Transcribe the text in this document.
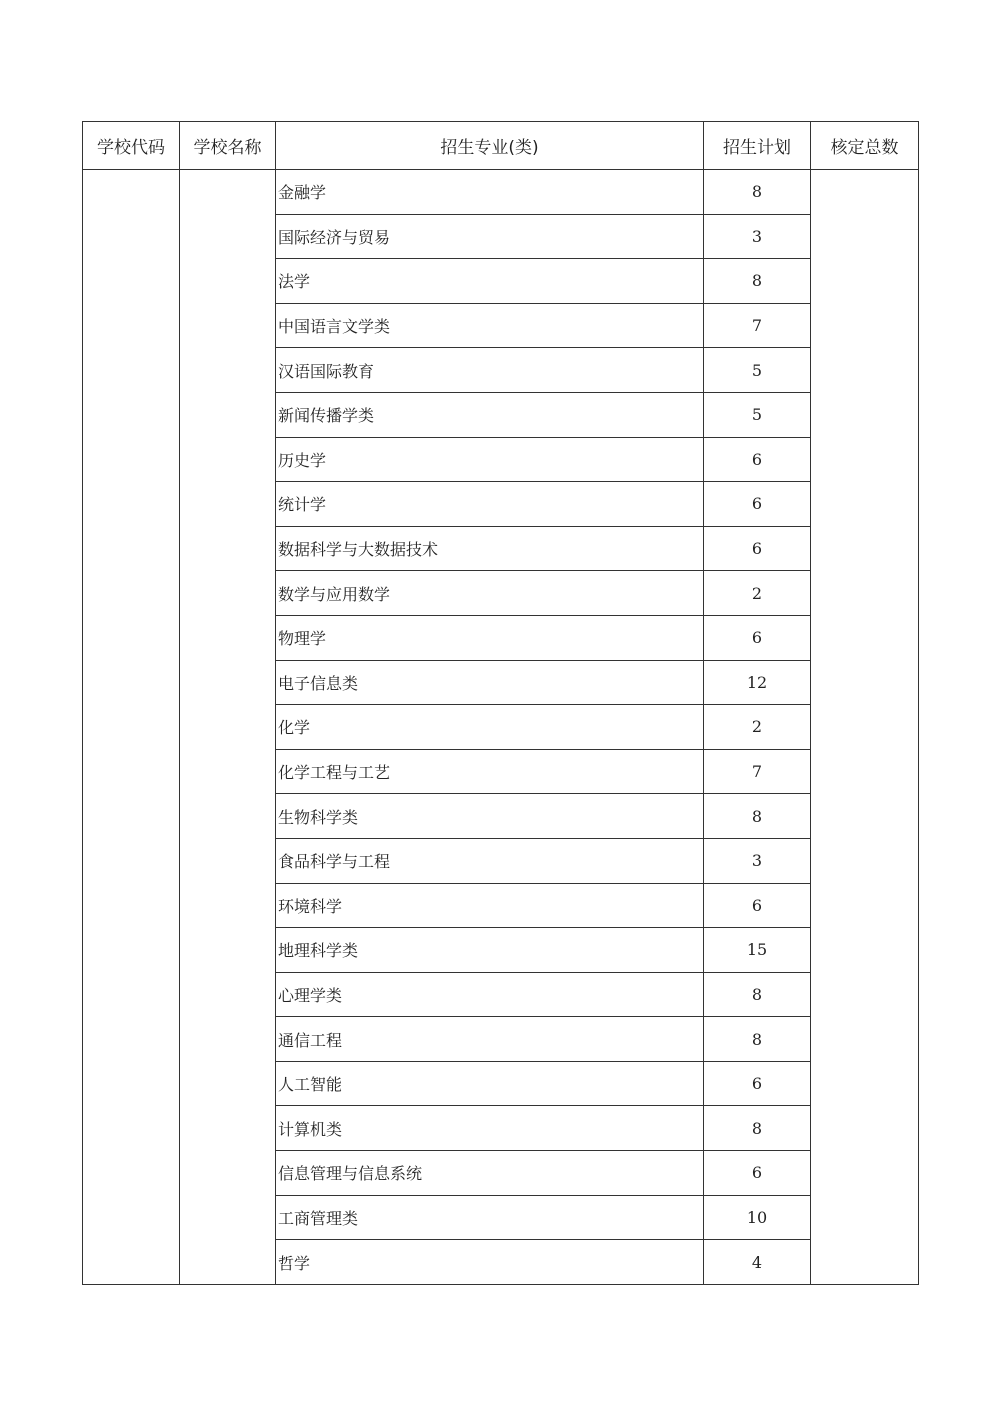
学校代码	学校名称	招生专业(类)	招生计划	核定总数
		金融学	8	
		国际经济与贸易	3	
		法学	8	
		中国语言文学类	7	
		汉语国际教育	5	
		新闻传播学类	5	
		历史学	6	
		统计学	6	
		数据科学与大数据技术	6	
		数学与应用数学	2	
		物理学	6	
		电子信息类	12	
		化学	2	
		化学工程与工艺	7	
		生物科学类	8	
		食品科学与工程	3	
		环境科学	6	
		地理科学类	15	
		心理学类	8	
		通信工程	8	
		人工智能	6	
		计算机类	8	
		信息管理与信息系统	6	
		工商管理类	10	
		哲学	4	
